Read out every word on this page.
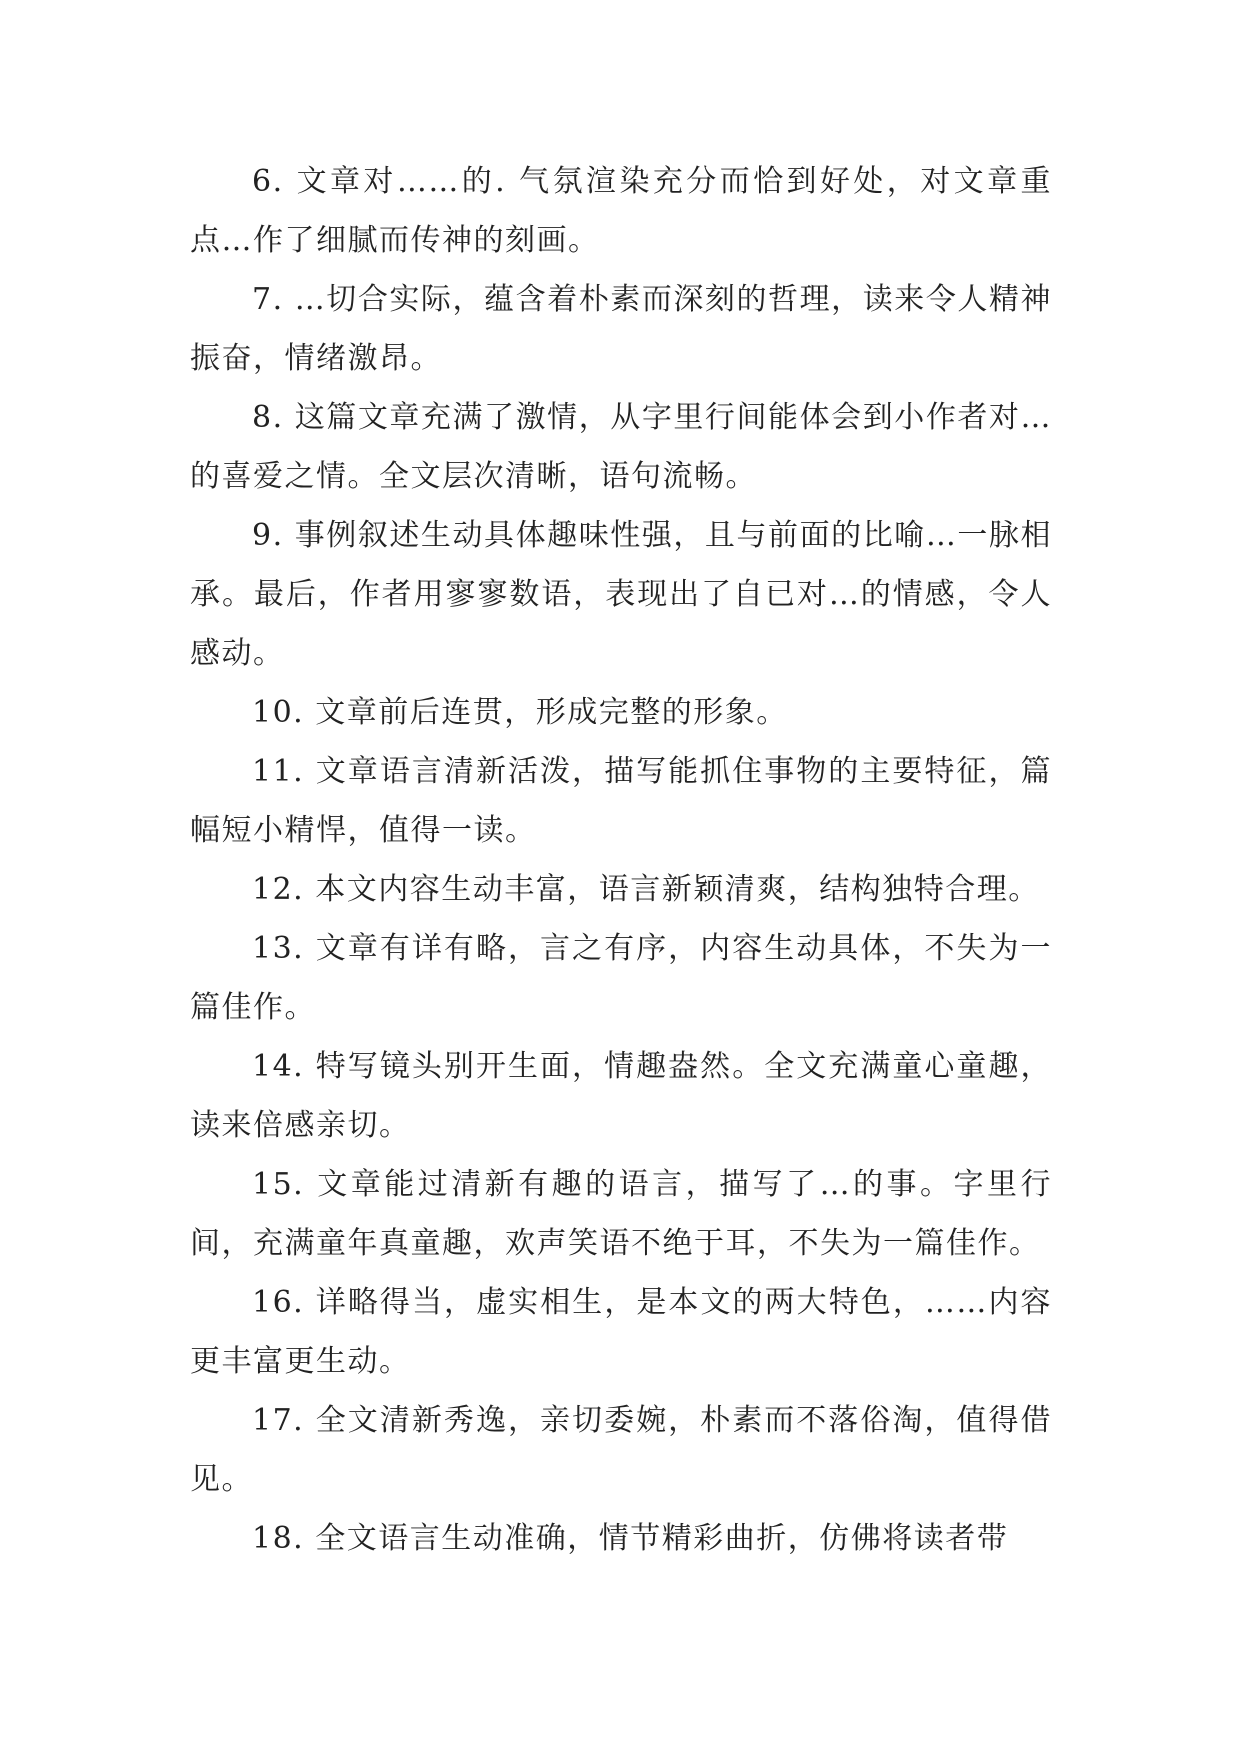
6. 文章对……的. 气氛渲染充分而恰到好处，对文章重点…作了细腻而传神的刻画。

7. …切合实际，蕴含着朴素而深刻的哲理，读来令人精神振奋，情绪激昂。

8. 这篇文章充满了激情，从字里行间能体会到小作者对…的喜爱之情。全文层次清晰，语句流畅。

9. 事例叙述生动具体趣味性强，且与前面的比喻…一脉相承。最后，作者用寥寥数语，表现出了自已对…的情感，令人感动。

10. 文章前后连贯，形成完整的形象。

11. 文章语言清新活泼，描写能抓住事物的主要特征，篇幅短小精悍，值得一读。

12. 本文内容生动丰富，语言新颖清爽，结构独特合理。

13. 文章有详有略，言之有序，内容生动具体，不失为一篇佳作。

14. 特写镜头别开生面，情趣盎然。全文充满童心童趣，读来倍感亲切。

15. 文章能过清新有趣的语言，描写了…的事。字里行间，充满童年真童趣，欢声笑语不绝于耳，不失为一篇佳作。

16. 详略得当，虚实相生，是本文的两大特色，……内容更丰富更生动。

17. 全文清新秀逸，亲切委婉，朴素而不落俗淘，值得借见。

18. 全文语言生动准确，情节精彩曲折，仿佛将读者带
